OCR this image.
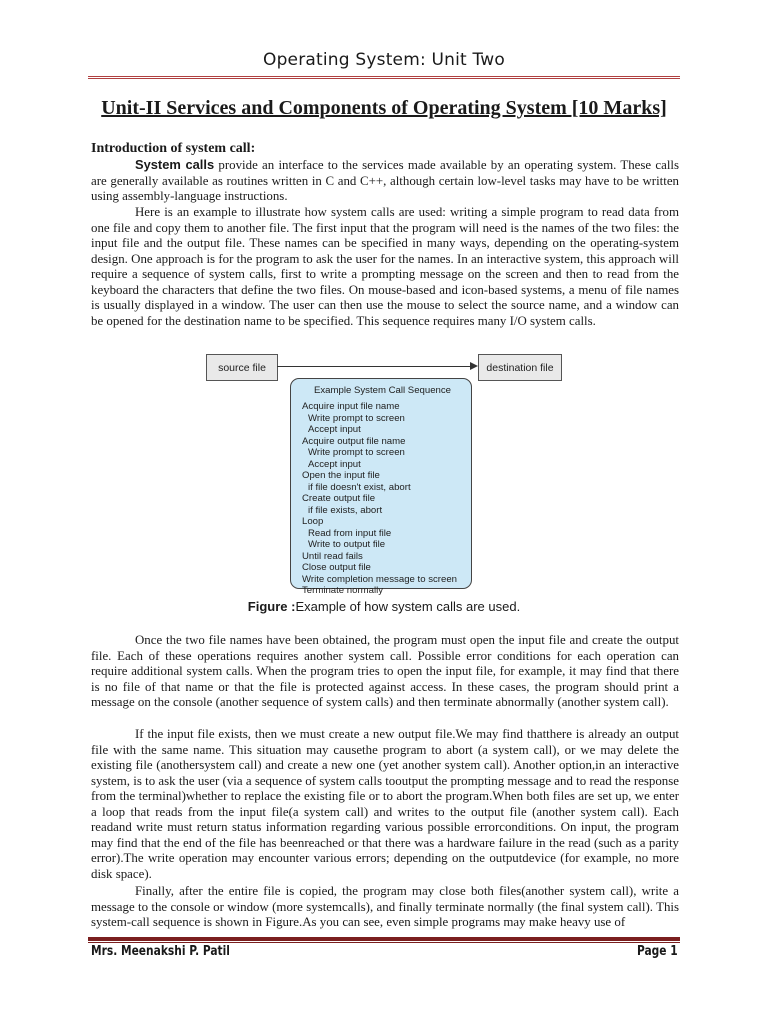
Operating System: Unit Two
Unit-II Services and Components of Operating System [10 Marks]
Introduction of system call:

System calls provide an interface to the services made available by an operating system. These calls are generally available as routines written in C and C++, although certain low-level tasks may have to be written using assembly-language instructions.

Here is an example to illustrate how system calls are used: writing a simple program to read data from one file and copy them to another file. The first input that the program will need is the names of the two files: the input file and the output file. These names can be specified in many ways, depending on the operating-system design. One approach is for the program to ask the user for the names. In an interactive system, this approach will require a sequence of system calls, first to write a prompting message on the screen and then to read from the keyboard the characters that define the two files. On mouse-based and icon-based systems, a menu of file names is usually displayed in a window. The user can then use the mouse to select the source name, and a window can be opened for the destination name to be specified. This sequence requires many I/O system calls.

source file	destination file
Example System Call Sequence
Acquire input file name
Write prompt to screen
Accept input
Acquire output file name
Write prompt to screen
Accept input
Open the input file
if file doesn't exist, abort
Create output file
if file exists, abort
Loop
Read from input file
Write to output file
Until read fails
Close output file
Write completion message to screen
Terminate normally
Figure :Example of how system calls are used.

Once the two file names have been obtained, the program must open the input file and create the output file. Each of these operations requires another system call. Possible error conditions for each operation can require additional system calls. When the program tries to open the input file, for example, it may find that there is no file of that name or that the file is protected against access. In these cases, the program should print a message on the console (another sequence of system calls) and then terminate abnormally (another system call).

If the input file exists, then we must create a new output file.We may find thatthere is already an output file with the same name. This situation may causethe program to abort (a system call), or we may delete the existing file (anothersystem call) and create a new one (yet another system call). Another option,in an interactive system, is to ask the user (via a sequence of system calls tooutput the prompting message and to read the response from the terminal)whether to replace the existing file or to abort the program.When both files are set up, we enter a loop that reads from the input file(a system call) and writes to the output file (another system call). Each readand write must return status information regarding various possible errorconditions. On input, the program may find that the end of the file has beenreached or that there was a hardware failure in the read (such as a parity error).The write operation may encounter various errors; depending on the outputdevice (for example, no more disk space).

Finally, after the entire file is copied, the program may close both files(another system call), write a message to the console or window (more systemcalls), and finally terminate normally (the final system call). This system-call sequence is shown in Figure.As you can see, even simple programs may make heavy use of

Mrs. Meenakshi P. Patil	Page 1
